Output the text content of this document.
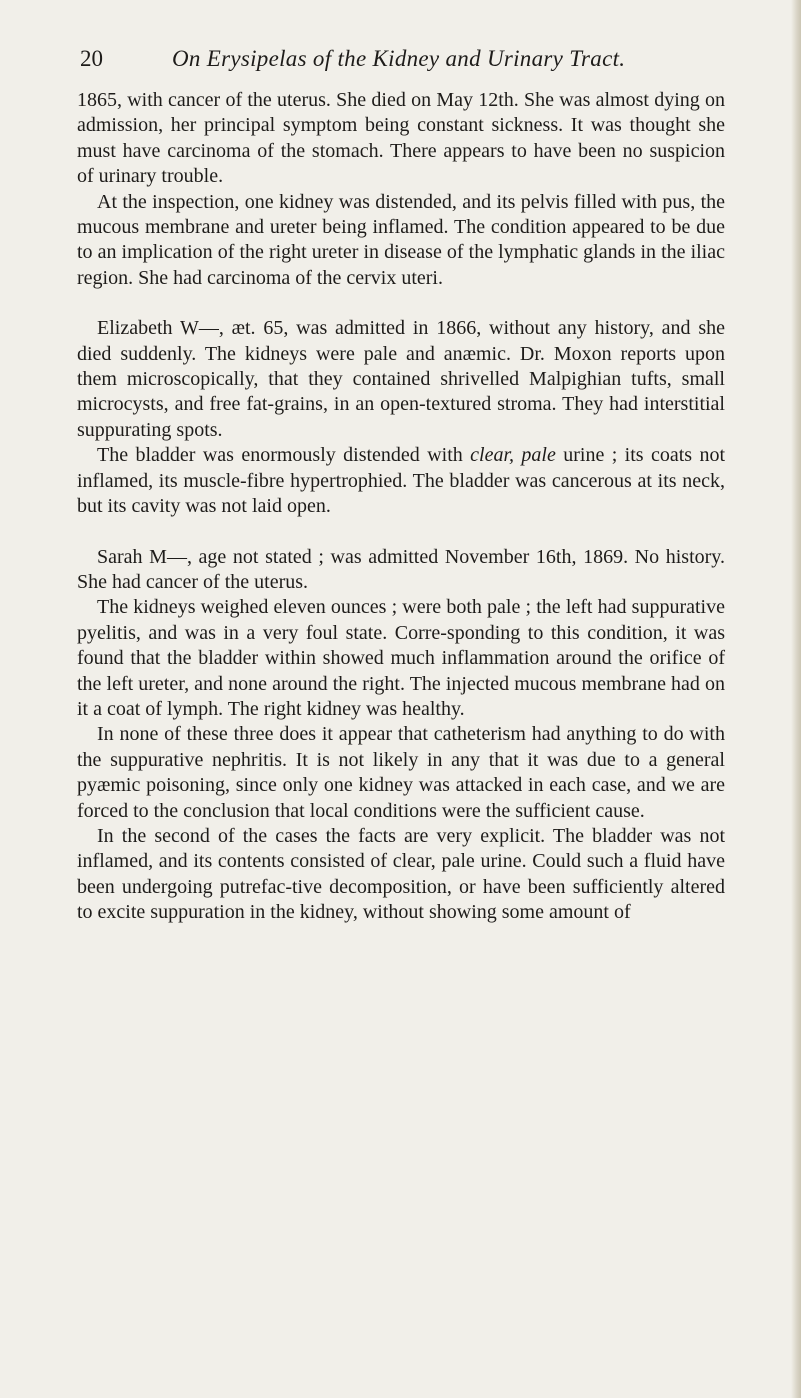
20	On Erysipelas of the Kidney and Urinary Tract.

1865, with cancer of the uterus. She died on May 12th. She was almost dying on admission, her principal symptom being constant sickness. It was thought she must have carcinoma of the stomach. There appears to have been no suspicion of urinary trouble.

At the inspection, one kidney was distended, and its pelvis filled with pus, the mucous membrane and ureter being inflamed. The condition appeared to be due to an implication of the right ureter in disease of the lymphatic glands in the iliac region. She had carcinoma of the cervix uteri.

Elizabeth W—, æt. 65, was admitted in 1866, without any history, and she died suddenly. The kidneys were pale and anæmic. Dr. Moxon reports upon them microscopically, that they contained shrivelled Malpighian tufts, small microcysts, and free fat-grains, in an open-textured stroma. They had interstitial suppurating spots.

The bladder was enormously distended with clear, pale urine ; its coats not inflamed, its muscle-fibre hypertrophied. The bladder was cancerous at its neck, but its cavity was not laid open.

Sarah M—, age not stated ; was admitted November 16th, 1869. No history. She had cancer of the uterus.

The kidneys weighed eleven ounces ; were both pale ; the left had suppurative pyelitis, and was in a very foul state. Corre-sponding to this condition, it was found that the bladder within showed much inflammation around the orifice of the left ureter, and none around the right. The injected mucous membrane had on it a coat of lymph. The right kidney was healthy.

In none of these three does it appear that catheterism had anything to do with the suppurative nephritis. It is not likely in any that it was due to a general pyæmic poisoning, since only one kidney was attacked in each case, and we are forced to the conclusion that local conditions were the sufficient cause.

In the second of the cases the facts are very explicit. The bladder was not inflamed, and its contents consisted of clear, pale urine. Could such a fluid have been undergoing putrefac-tive decomposition, or have been sufficiently altered to excite suppuration in the kidney, without showing some amount of
